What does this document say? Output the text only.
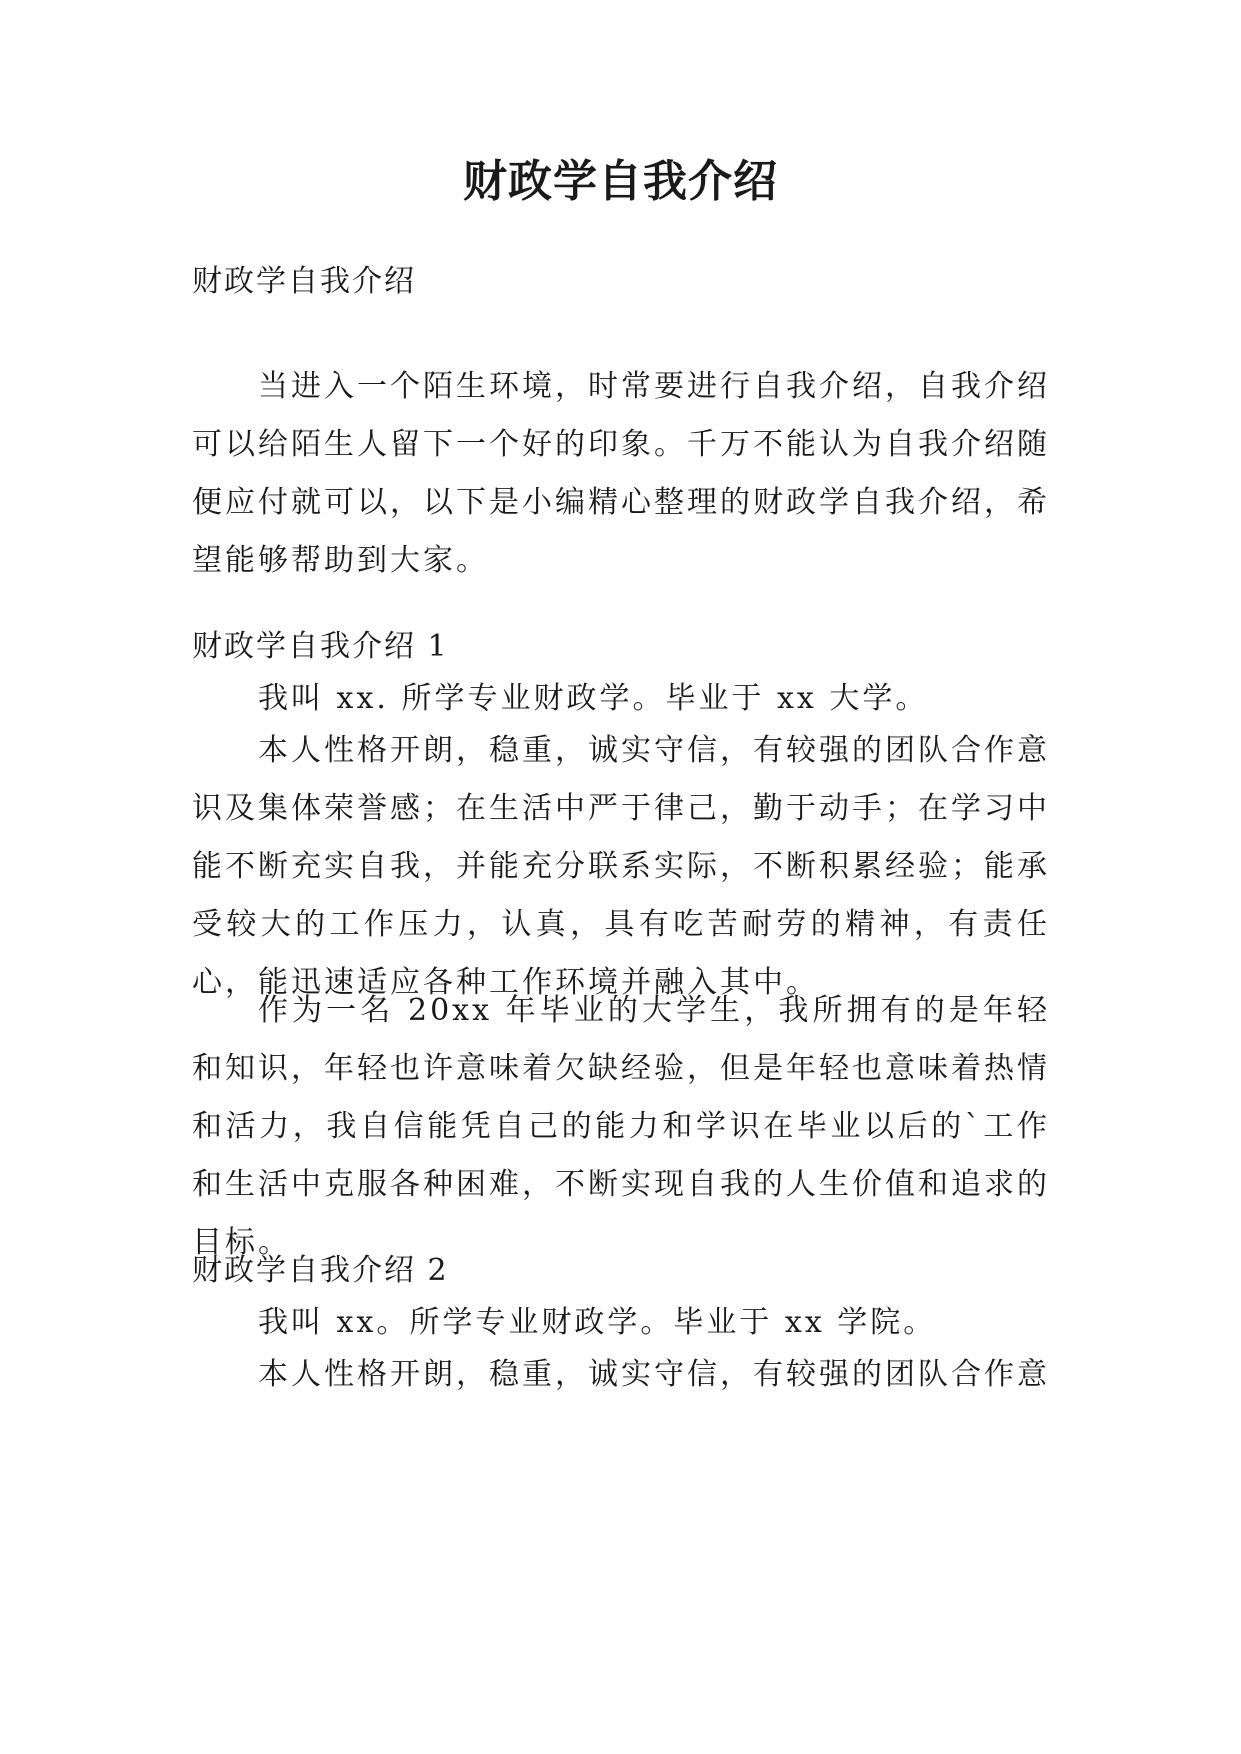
财政学自我介绍

财政学自我介绍

当进入一个陌生环境，时常要进行自我介绍，自我介绍可以给陌生人留下一个好的印象。千万不能认为自我介绍随便应付就可以，以下是小编精心整理的财政学自我介绍，希望能够帮助到大家。

财政学自我介绍 1

我叫 xx. 所学专业财政学。毕业于 xx 大学。

本人性格开朗，稳重，诚实守信，有较强的团队合作意识及集体荣誉感；在生活中严于律己，勤于动手；在学习中能不断充实自我，并能充分联系实际，不断积累经验；能承受较大的工作压力，认真，具有吃苦耐劳的精神，有责任心，能迅速适应各种工作环境并融入其中。

作为一名 20xx 年毕业的大学生，我所拥有的是年轻和知识，年轻也许意味着欠缺经验，但是年轻也意味着热情和活力，我自信能凭自己的能力和学识在毕业以后的`工作和生活中克服各种困难，不断实现自我的人生价值和追求的目标。

财政学自我介绍 2

我叫 xx。所学专业财政学。毕业于 xx 学院。

本人性格开朗，稳重，诚实守信，有较强的团队合作意
